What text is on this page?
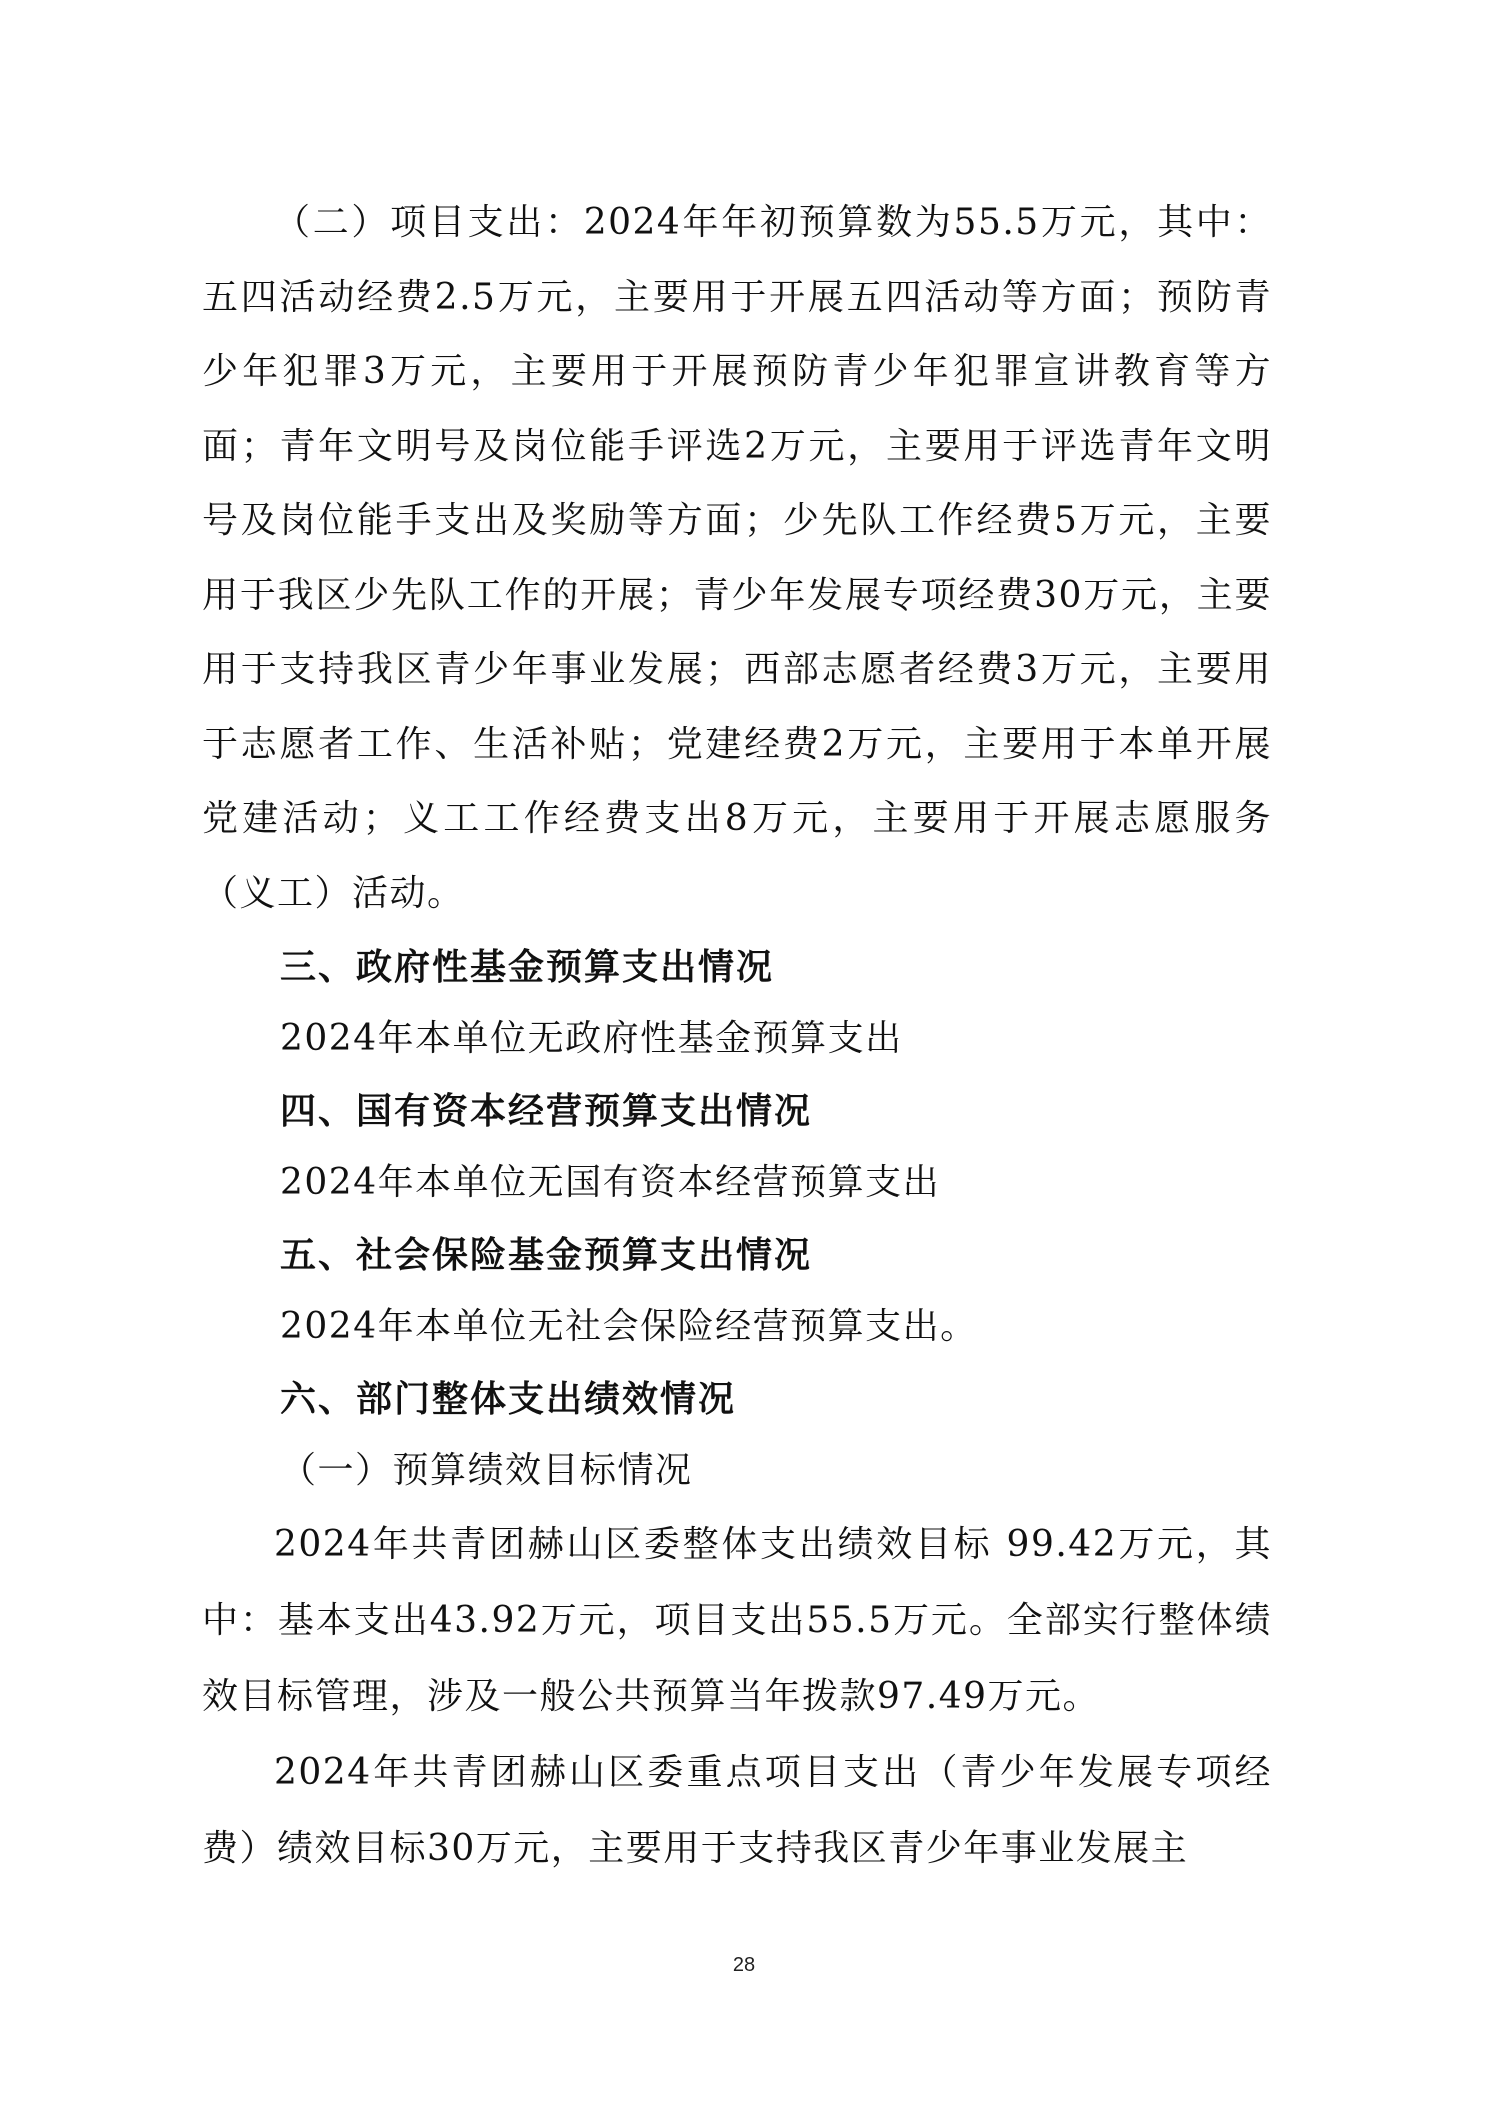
（二）项目支出：2024年年初预算数为55.5万元，其中：五四活动经费2.5万元，主要用于开展五四活动等方面；预防青少年犯罪3万元，主要用于开展预防青少年犯罪宣讲教育等方面；青年文明号及岗位能手评选2万元，主要用于评选青年文明号及岗位能手支出及奖励等方面；少先队工作经费5万元，主要用于我区少先队工作的开展；青少年发展专项经费30万元，主要用于支持我区青少年事业发展；西部志愿者经费3万元，主要用于志愿者工作、生活补贴；党建经费2万元，主要用于本单开展党建活动；义工工作经费支出8万元，主要用于开展志愿服务（义工）活动。

三、政府性基金预算支出情况

2024年本单位无政府性基金预算支出

四、国有资本经营预算支出情况

2024年本单位无国有资本经营预算支出

五、社会保险基金预算支出情况

2024年本单位无社会保险经营预算支出。

六、部门整体支出绩效情况

（一）预算绩效目标情况

2024年共青团赫山区委整体支出绩效目标 99.42万元，其中：基本支出43.92万元，项目支出55.5万元。全部实行整体绩效目标管理，涉及一般公共预算当年拨款97.49万元。

2024年共青团赫山区委重点项目支出（青少年发展专项经费）绩效目标30万元，主要用于支持我区青少年事业发展主

28
